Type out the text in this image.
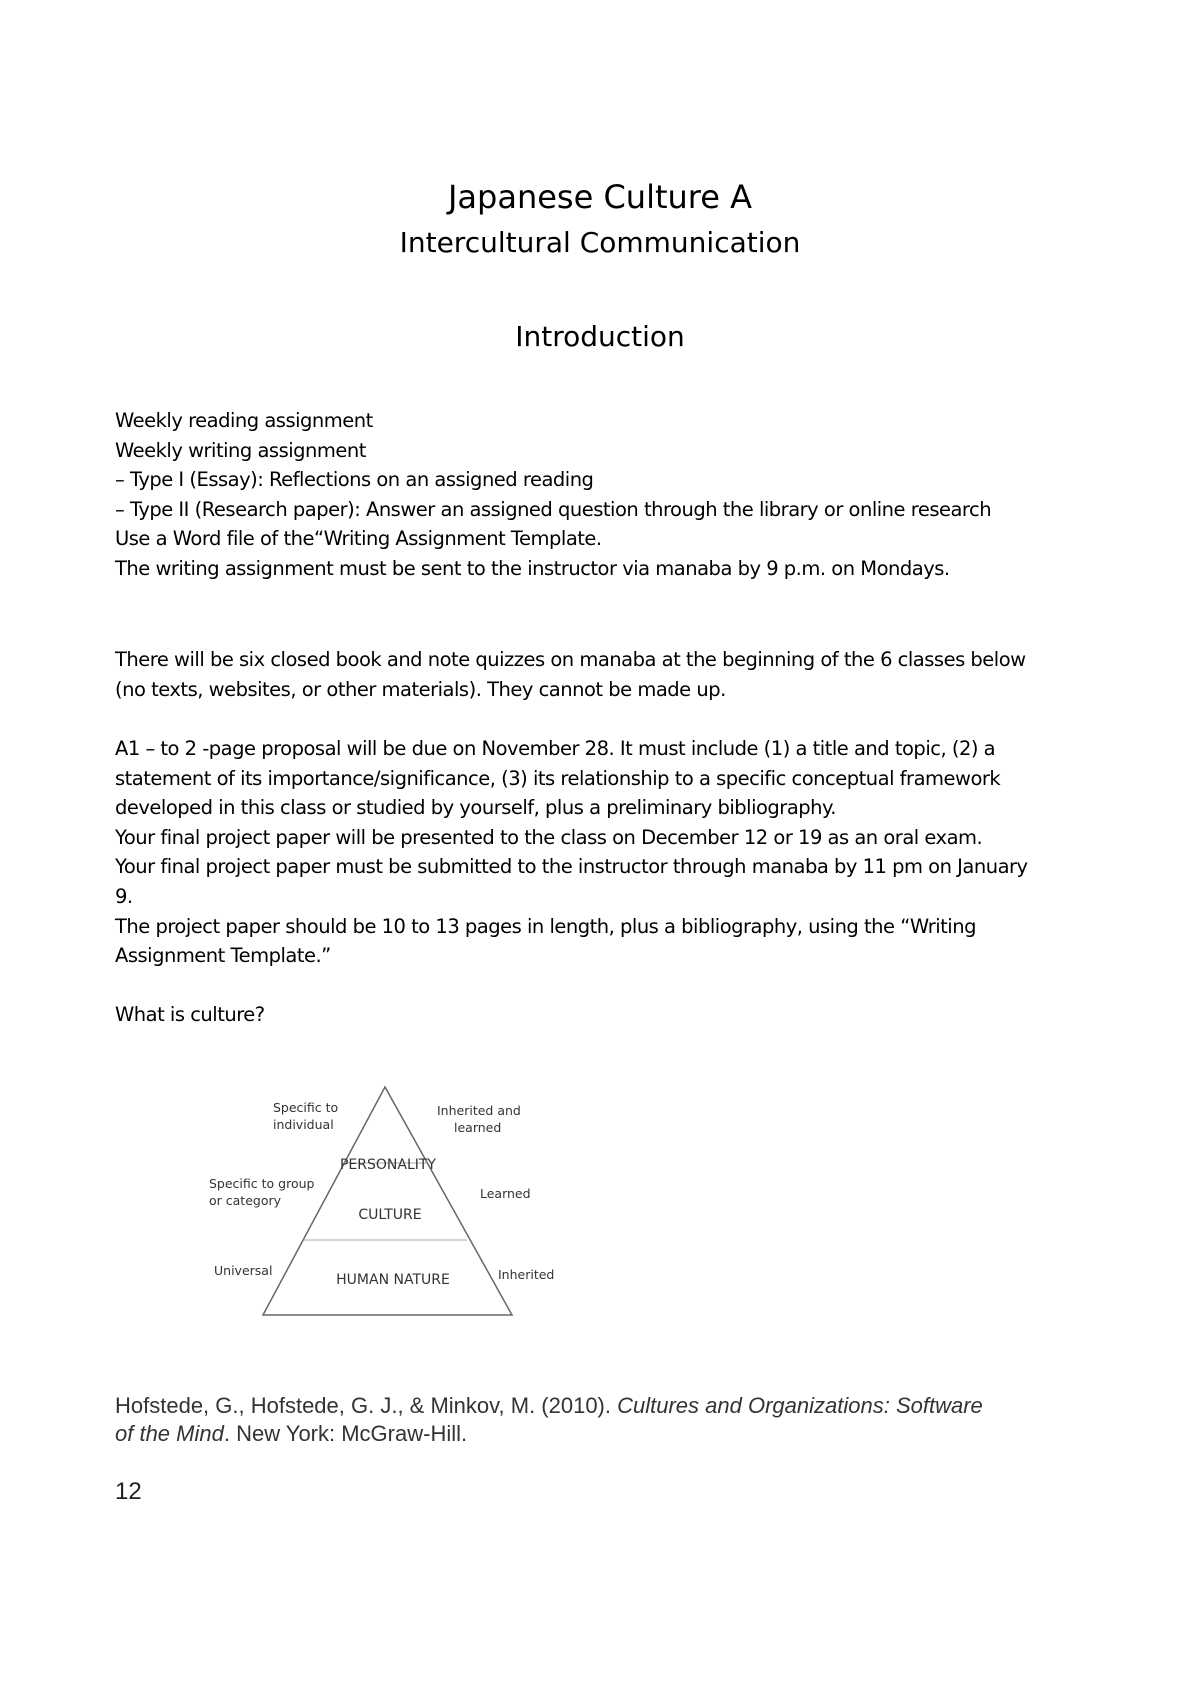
Japanese Culture A
Intercultural Communication
Introduction
Weekly reading assignment
Weekly writing assignment
– Type I (Essay): Reflections on an assigned reading
– Type II (Research paper): Answer an assigned question through the library or online research
Use a Word file of the“Writing Assignment Template.
The writing assignment must be sent to the instructor via manaba by 9 p.m. on Mondays.
There will be six closed book and note quizzes on manaba at the beginning of the 6 classes below
(no texts, websites, or other materials). They cannot be made up.
A1 – to 2 -page proposal will be due on November 28. It must include (1) a title and topic, (2) a
statement of its importance/significance, (3) its relationship to a specific conceptual framework
developed in this class or studied by yourself, plus a preliminary bibliography.
Your final project paper will be presented to the class on December 12 or 19 as an oral exam.
Your final project paper must be submitted to the instructor through manaba by 11 pm on January
9.
The project paper should be 10 to 13 pages in length, plus a bibliography, using the “Writing
Assignment Template.”
What is culture?
PERSONALITY
CULTURE
HUMAN NATURE
Specific to
individual
Specific to group
or category
Universal
Inherited and
learned
Learned
Inherited
Hofstede, G., Hofstede, G. J., & Minkov, M. (2010). Cultures and Organizations: Software
of the Mind. New York: McGraw-Hill.
12
